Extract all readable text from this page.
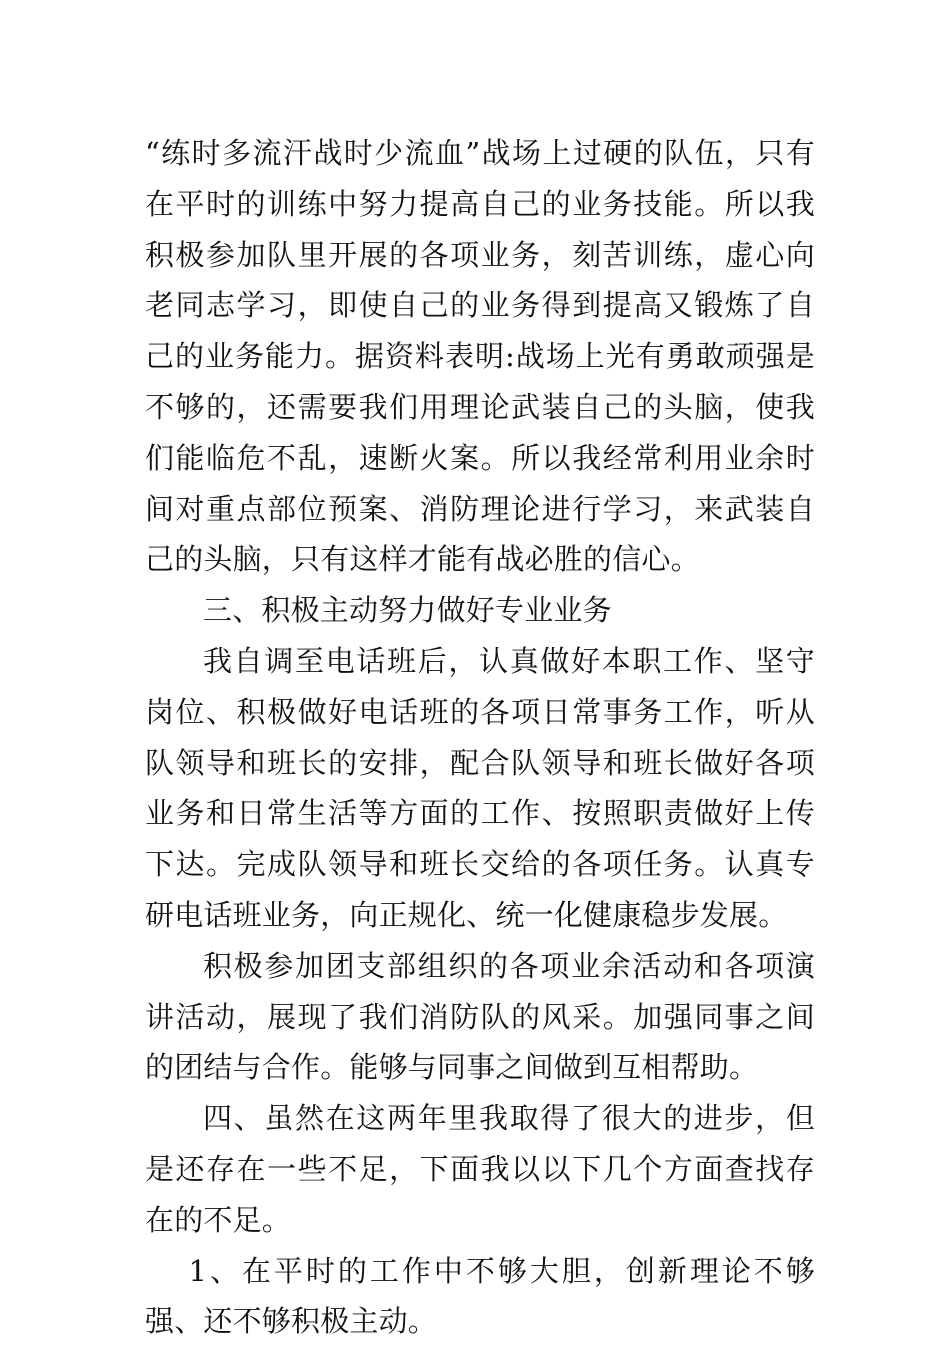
“练时多流汗战时少流血”战场上过硬的队伍，只有在平时的训练中努力提高自己的业务技能。所以我积极参加队里开展的各项业务，刻苦训练，虚心向老同志学习，即使自己的业务得到提高又锻炼了自己的业务能力。据资料表明:战场上光有勇敢顽强是不够的，还需要我们用理论武装自己的头脑，使我们能临危不乱，速断火案。所以我经常利用业余时间对重点部位预案、消防理论进行学习，来武装自己的头脑，只有这样才能有战必胜的信心。

三、积极主动努力做好专业业务

我自调至电话班后，认真做好本职工作、坚守岗位、积极做好电话班的各项日常事务工作，听从队领导和班长的安排，配合队领导和班长做好各项业务和日常生活等方面的工作、按照职责做好上传下达。完成队领导和班长交给的各项任务。认真专研电话班业务，向正规化、统一化健康稳步发展。

积极参加团支部组织的各项业余活动和各项演讲活动，展现了我们消防队的风采。加强同事之间的团结与合作。能够与同事之间做到互相帮助。

四、虽然在这两年里我取得了很大的进步，但是还存在一些不足，下面我以以下几个方面查找存在的不足。

1、在平时的工作中不够大胆，创新理论不够强、还不够积极主动。
